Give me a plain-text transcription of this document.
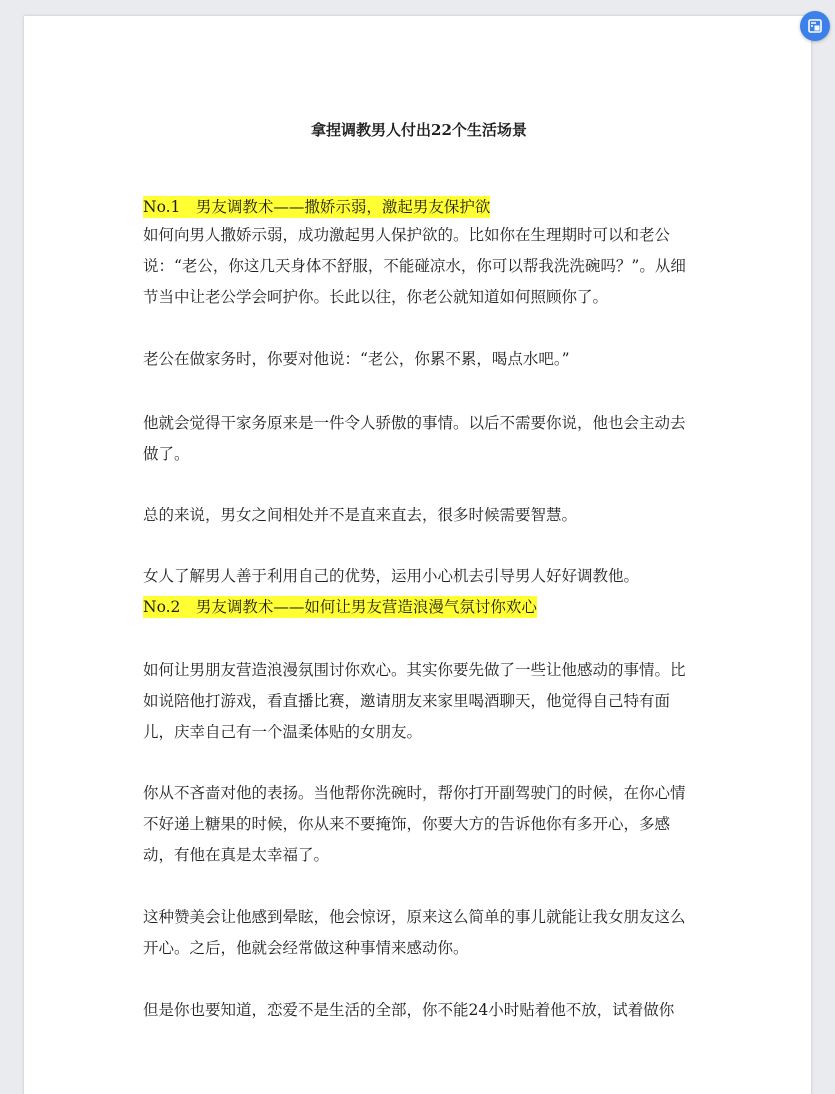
拿捏调教男人付出22个生活场景
No.1　男友调教术——撒娇示弱，激起男友保护欲
如何向男人撒娇示弱，成功激起男人保护欲的。比如你在生理期时可以和老公说：“老公，你这几天身体不舒服，不能碰凉水，你可以帮我洗洗碗吗？”。从细节当中让老公学会呵护你。长此以往，你老公就知道如何照顾你了。
老公在做家务时，你要对他说：“老公，你累不累，喝点水吧。”
他就会觉得干家务原来是一件令人骄傲的事情。以后不需要你说，他也会主动去做了。
总的来说，男女之间相处并不是直来直去，很多时候需要智慧。
女人了解男人善于利用自己的优势，运用小心机去引导男人好好调教他。
No.2　男友调教术——如何让男友营造浪漫气氛讨你欢心
如何让男朋友营造浪漫氛围讨你欢心。其实你要先做了一些让他感动的事情。比如说陪他打游戏，看直播比赛，邀请朋友来家里喝酒聊天，他觉得自己特有面儿，庆幸自己有一个温柔体贴的女朋友。
你从不吝啬对他的表扬。当他帮你洗碗时，帮你打开副驾驶门的时候，在你心情不好递上糖果的时候，你从来不要掩饰，你要大方的告诉他你有多开心，多感动，有他在真是太幸福了。
这种赞美会让他感到晕眩，他会惊讶，原来这么简单的事儿就能让我女朋友这么开心。之后，他就会经常做这种事情来感动你。
但是你也要知道，恋爱不是生活的全部，你不能24小时贴着他不放，试着做你
